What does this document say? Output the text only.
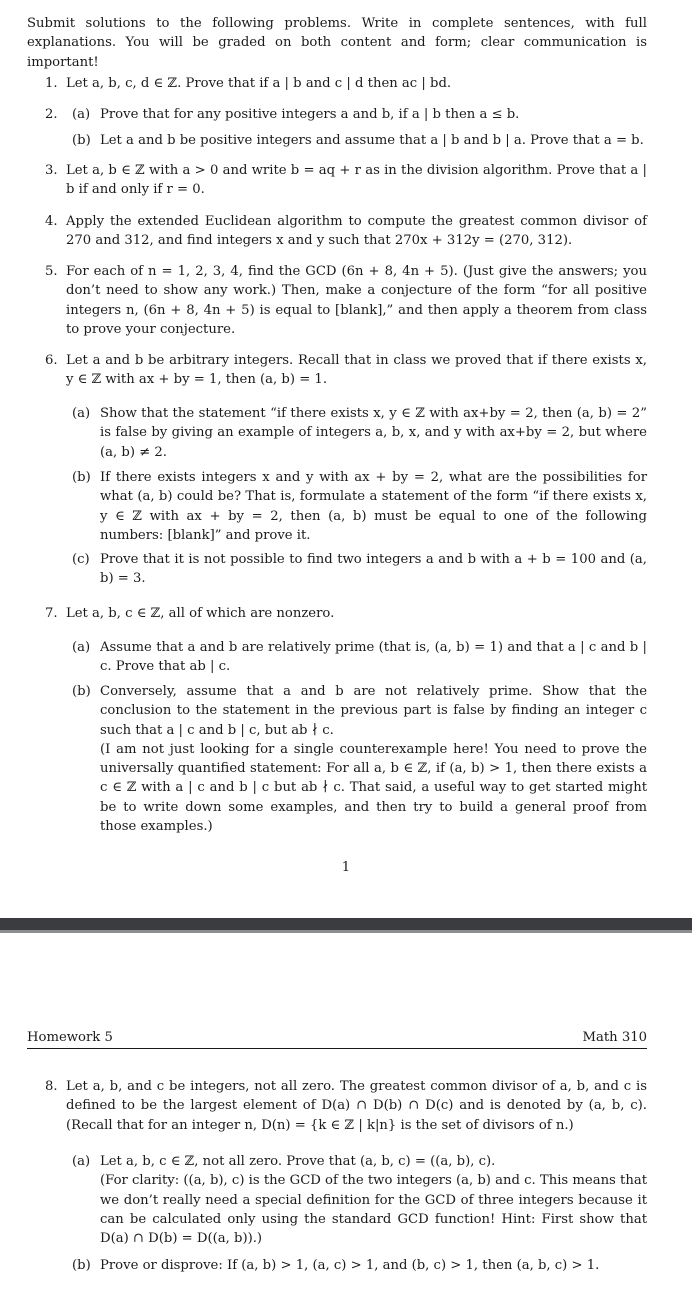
Submit solutions to the following problems. Write in complete sentences, with full explanations. You will be graded on both content and form; clear communication is important!
1. Let a, b, c, d ∈ ℤ. Prove that if a | b and c | d then ac | bd.
2.	(a) Prove that for any positive integers a and b, if a | b then a ≤ b.
(b) Let a and b be positive integers and assume that a | b and b | a. Prove that a = b.
3. Let a, b ∈ ℤ with a > 0 and write b = aq + r as in the division algorithm. Prove that a | b if and only if r = 0.
4. Apply the extended Euclidean algorithm to compute the greatest common divisor of 270 and 312, and find integers x and y such that 270x + 312y = (270, 312).
5. For each of n = 1, 2, 3, 4, find the GCD (6n + 8, 4n + 5). (Just give the answers; you don’t need to show any work.) Then, make a conjecture of the form “for all positive integers n, (6n + 8, 4n + 5) is equal to [blank],” and then apply a theorem from class to prove your conjecture.
6. Let a and b be arbitrary integers. Recall that in class we proved that if there exists x, y ∈ ℤ with ax + by = 1, then (a, b) = 1.
(a) Show that the statement “if there exists x, y ∈ ℤ with ax+by = 2, then (a, b) = 2” is false by giving an example of integers a, b, x, and y with ax+by = 2, but where (a, b) ≠ 2.
(b) If there exists integers x and y with ax + by = 2, what are the possibilities for what (a, b) could be? That is, formulate a statement of the form “if there exists x, y ∈ ℤ with ax + by = 2, then (a, b) must be equal to one of the following numbers: [blank]” and prove it.
(c) Prove that it is not possible to find two integers a and b with a + b = 100 and (a, b) = 3.
7. Let a, b, c ∈ ℤ, all of which are nonzero.
(a) Assume that a and b are relatively prime (that is, (a, b) = 1) and that a | c and b | c. Prove that ab | c.
(b) Conversely, assume that a and b are not relatively prime. Show that the conclusion to the statement in the previous part is false by finding an integer c such that a | c and b | c, but ab ∤ c.

(I am not just looking for a single counterexample here! You need to prove the universally quantified statement: For all a, b ∈ ℤ, if (a, b) > 1, then there exists a c ∈ ℤ with a | c and b | c but ab ∤ c. That said, a useful way to get started might be to write down some examples, and then try to build a general proof from those examples.)

1
Homework 5	Math 310
8. Let a, b, and c be integers, not all zero. The greatest common divisor of a, b, and c is defined to be the largest element of D(a) ∩ D(b) ∩ D(c) and is denoted by (a, b, c). (Recall that for an integer n, D(n) = {k ∈ ℤ | k|n} is the set of divisors of n.)
(a) Let a, b, c ∈ ℤ, not all zero. Prove that (a, b, c) = ((a, b), c).

(For clarity: ((a, b), c) is the GCD of the two integers (a, b) and c. This means that we don’t really need a special definition for the GCD of three integers because it can be calculated only using the standard GCD function! Hint: First show that D(a) ∩ D(b) = D((a, b)).)

(b) Prove or disprove: If (a, b) > 1, (a, c) > 1, and (b, c) > 1, then (a, b, c) > 1.
